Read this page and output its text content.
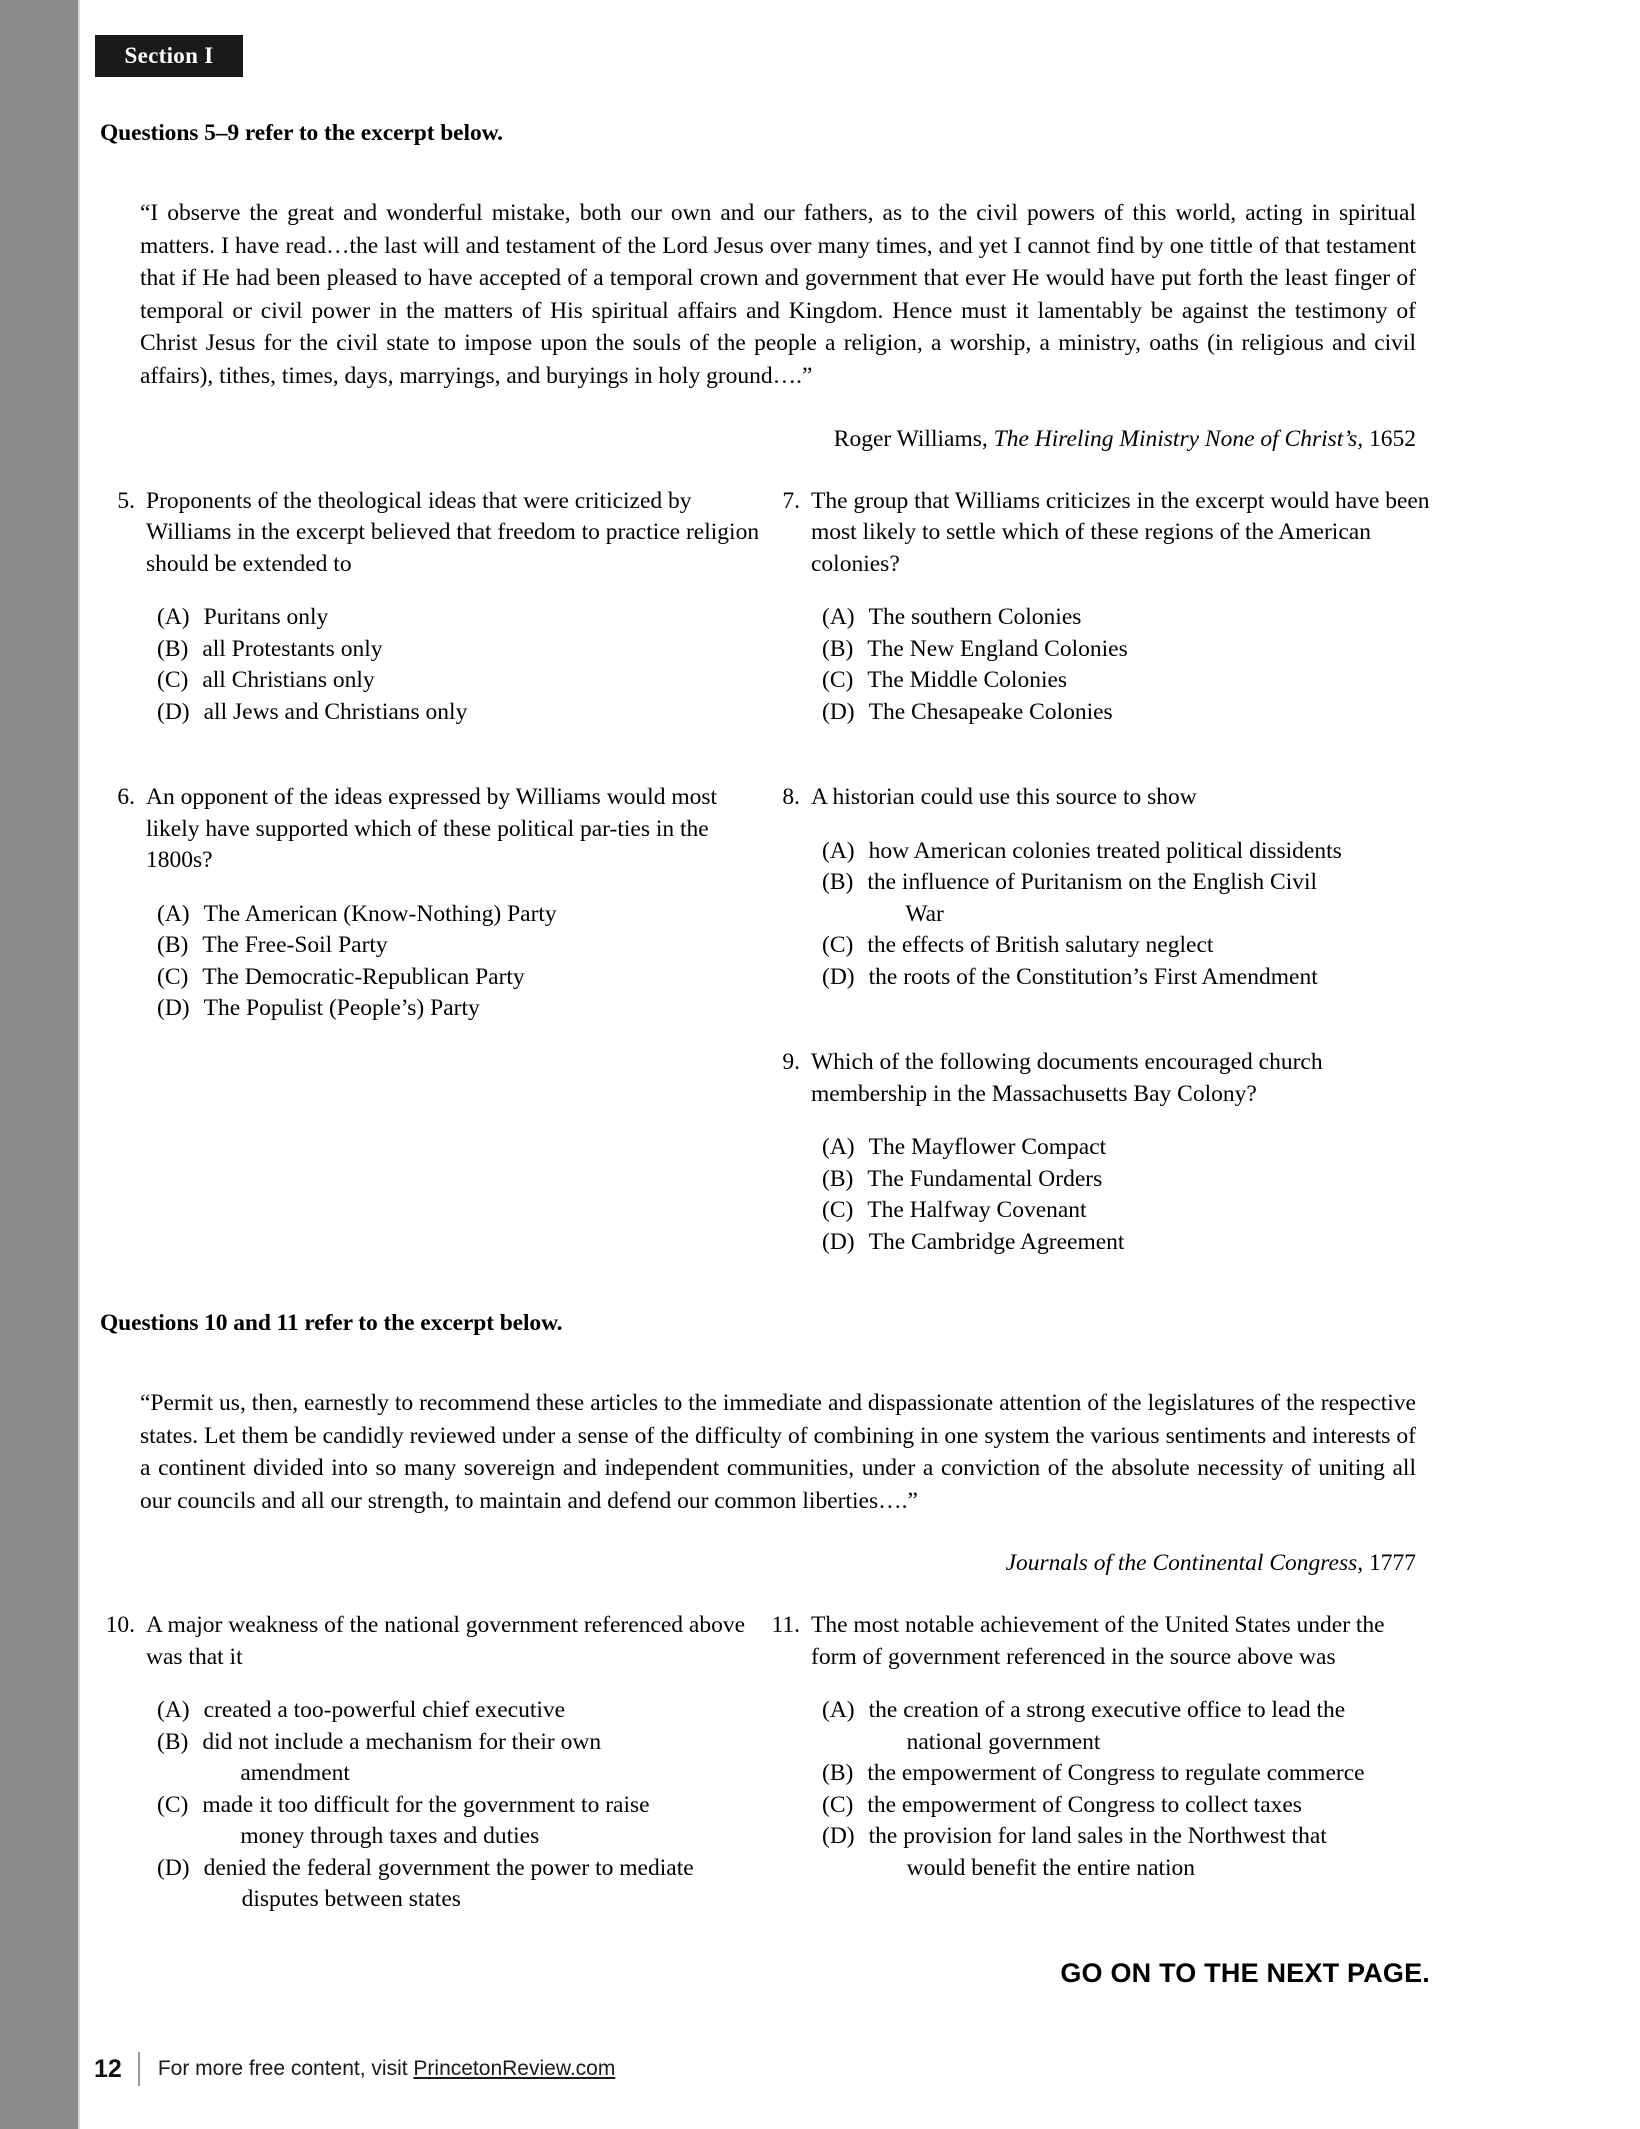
Section I
Questions 5–9 refer to the excerpt below.
“I observe the great and wonderful mistake, both our own and our fathers, as to the civil powers of this world, acting in spiritual matters. I have read…the last will and testament of the Lord Jesus over many times, and yet I cannot find by one tittle of that testament that if He had been pleased to have accepted of a temporal crown and government that ever He would have put forth the least finger of temporal or civil power in the matters of His spiritual affairs and Kingdom. Hence must it lamentably be against the testimony of Christ Jesus for the civil state to impose upon the souls of the people a religion, a worship, a ministry, oaths (in religious and civil affairs), tithes, times, days, marryings, and buryings in holy ground….”
Roger Williams, The Hireling Ministry None of Christ’s, 1652
5. Proponents of the theological ideas that were criticized by Williams in the excerpt believed that freedom to practice religion should be extended to
(A) Puritans only
(B) all Protestants only
(C) all Christians only
(D) all Jews and Christians only
6. An opponent of the ideas expressed by Williams would most likely have supported which of these political par-ties in the 1800s?
(A) The American (Know-Nothing) Party
(B) The Free-Soil Party
(C) The Democratic-Republican Party
(D) The Populist (People’s) Party
7. The group that Williams criticizes in the excerpt would have been most likely to settle which of these regions of the American colonies?
(A) The southern Colonies
(B) The New England Colonies
(C) The Middle Colonies
(D) The Chesapeake Colonies
8. A historian could use this source to show
(A) how American colonies treated political dissidents
(B) the influence of Puritanism on the English Civil
War
(C) the effects of British salutary neglect
(D) the roots of the Constitution’s First Amendment
9. Which of the following documents encouraged church membership in the Massachusetts Bay Colony?
(A) The Mayflower Compact
(B) The Fundamental Orders
(C) The Halfway Covenant
(D) The Cambridge Agreement
Questions 10 and 11 refer to the excerpt below.
“Permit us, then, earnestly to recommend these articles to the immediate and dispassionate attention of the legislatures of the respective states. Let them be candidly reviewed under a sense of the difficulty of combining in one system the various sentiments and interests of a continent divided into so many sovereign and independent communities, under a conviction of the absolute necessity of uniting all our councils and all our strength, to maintain and defend our common liberties….”
Journals of the Continental Congress, 1777
10. A major weakness of the national government referenced above was that it
(A) created a too-powerful chief executive
(B) did not include a mechanism for their own
amendment
(C) made it too difficult for the government to raise
money through taxes and duties
(D) denied the federal government the power to mediate
disputes between states
11. The most notable achievement of the United States under the form of government referenced in the source above was
(A) the creation of a strong executive office to lead the
national government
(B) the empowerment of Congress to regulate commerce
(C) the empowerment of Congress to collect taxes
(D) the provision for land sales in the Northwest that
would benefit the entire nation
GO ON TO THE NEXT PAGE.
12	For more free content, visit PrincetonReview.com
